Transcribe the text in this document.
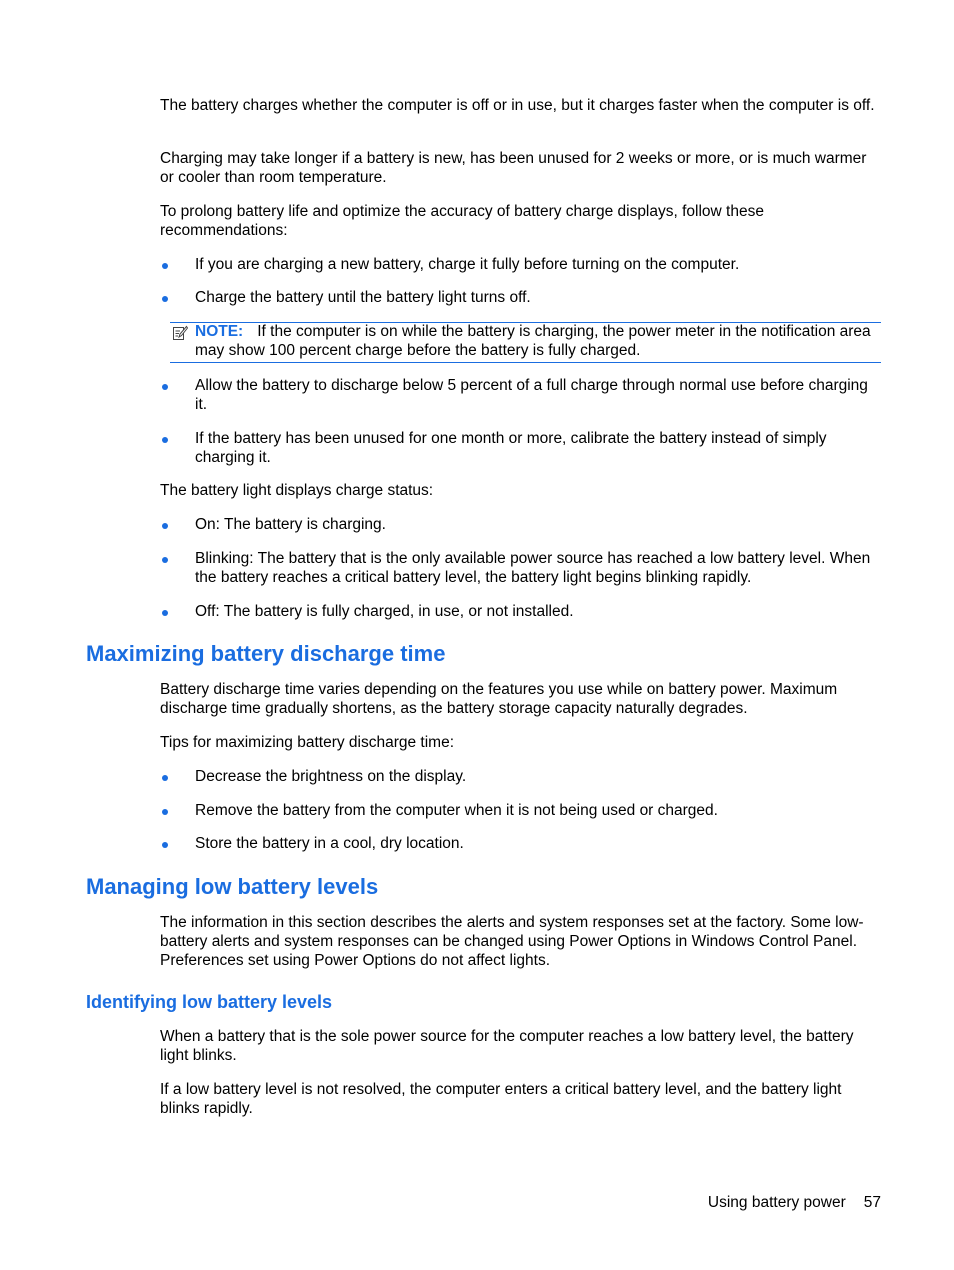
The battery charges whether the computer is off or in use, but it charges faster when the computer is off.

Charging may take longer if a battery is new, has been unused for 2 weeks or more, or is much warmer or cooler than room temperature.

To prolong battery life and optimize the accuracy of battery charge displays, follow these recommendations:

If you are charging a new battery, charge it fully before turning on the computer.
Charge the battery until the battery light turns off.
NOTE: If the computer is on while the battery is charging, the power meter in the notification area may show 100 percent charge before the battery is fully charged.
Allow the battery to discharge below 5 percent of a full charge through normal use before charging it.
If the battery has been unused for one month or more, calibrate the battery instead of simply charging it.

The battery light displays charge status:

On: The battery is charging.
Blinking: The battery that is the only available power source has reached a low battery level. When the battery reaches a critical battery level, the battery light begins blinking rapidly.
Off: The battery is fully charged, in use, or not installed.
Maximizing battery discharge time

Battery discharge time varies depending on the features you use while on battery power. Maximum discharge time gradually shortens, as the battery storage capacity naturally degrades.

Tips for maximizing battery discharge time:

Decrease the brightness on the display.
Remove the battery from the computer when it is not being used or charged.
Store the battery in a cool, dry location.
Managing low battery levels

The information in this section describes the alerts and system responses set at the factory. Some low-battery alerts and system responses can be changed using Power Options in Windows Control Panel. Preferences set using Power Options do not affect lights.

Identifying low battery levels

When a battery that is the sole power source for the computer reaches a low battery level, the battery light blinks.

If a low battery level is not resolved, the computer enters a critical battery level, and the battery light blinks rapidly.

Using battery power 57
